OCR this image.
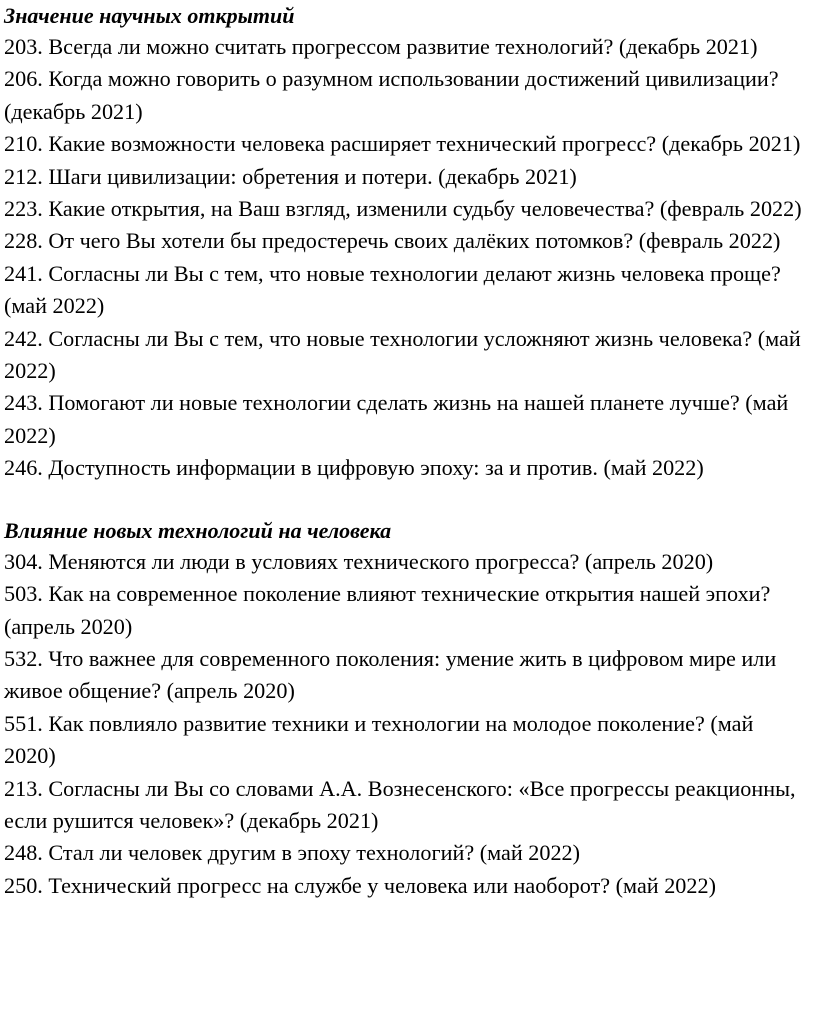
Значение научных открытий

203. Всегда ли можно считать прогрессом развитие технологий? (декабрь 2021)

206. Когда можно говорить о разумном использовании достижений цивилизации? (декабрь 2021)

210. Какие возможности человека расширяет технический прогресс? (декабрь 2021)

212. Шаги цивилизации: обретения и потери. (декабрь 2021)

223. Какие открытия, на Ваш взгляд, изменили судьбу человечества? (февраль 2022)

228. От чего Вы хотели бы предостеречь своих далёких потомков? (февраль 2022)

241. Согласны ли Вы с тем, что новые технологии делают жизнь человека проще? (май 2022)

242. Согласны ли Вы с тем, что новые технологии усложняют жизнь человека? (май 2022)

243. Помогают ли новые технологии сделать жизнь на нашей планете лучше? (май 2022)

246. Доступность информации в цифровую эпоху: за и против. (май 2022)

Влияние новых технологий на человека

304. Меняются ли люди в условиях технического прогресса? (апрель 2020)

503. Как на современное поколение влияют технические открытия нашей эпохи? (апрель 2020)

532. Что важнее для современного поколения: умение жить в цифровом мире или живое общение? (апрель 2020)

551. Как повлияло развитие техники и технологии на молодое поколение? (май 2020)

213. Согласны ли Вы со словами А.А. Вознесенского: «Все прогрессы реакционны, если рушится человек»? (декабрь 2021)

248. Стал ли человек другим в эпоху технологий? (май 2022)

250. Технический прогресс на службе у человека или наоборот? (май 2022)
